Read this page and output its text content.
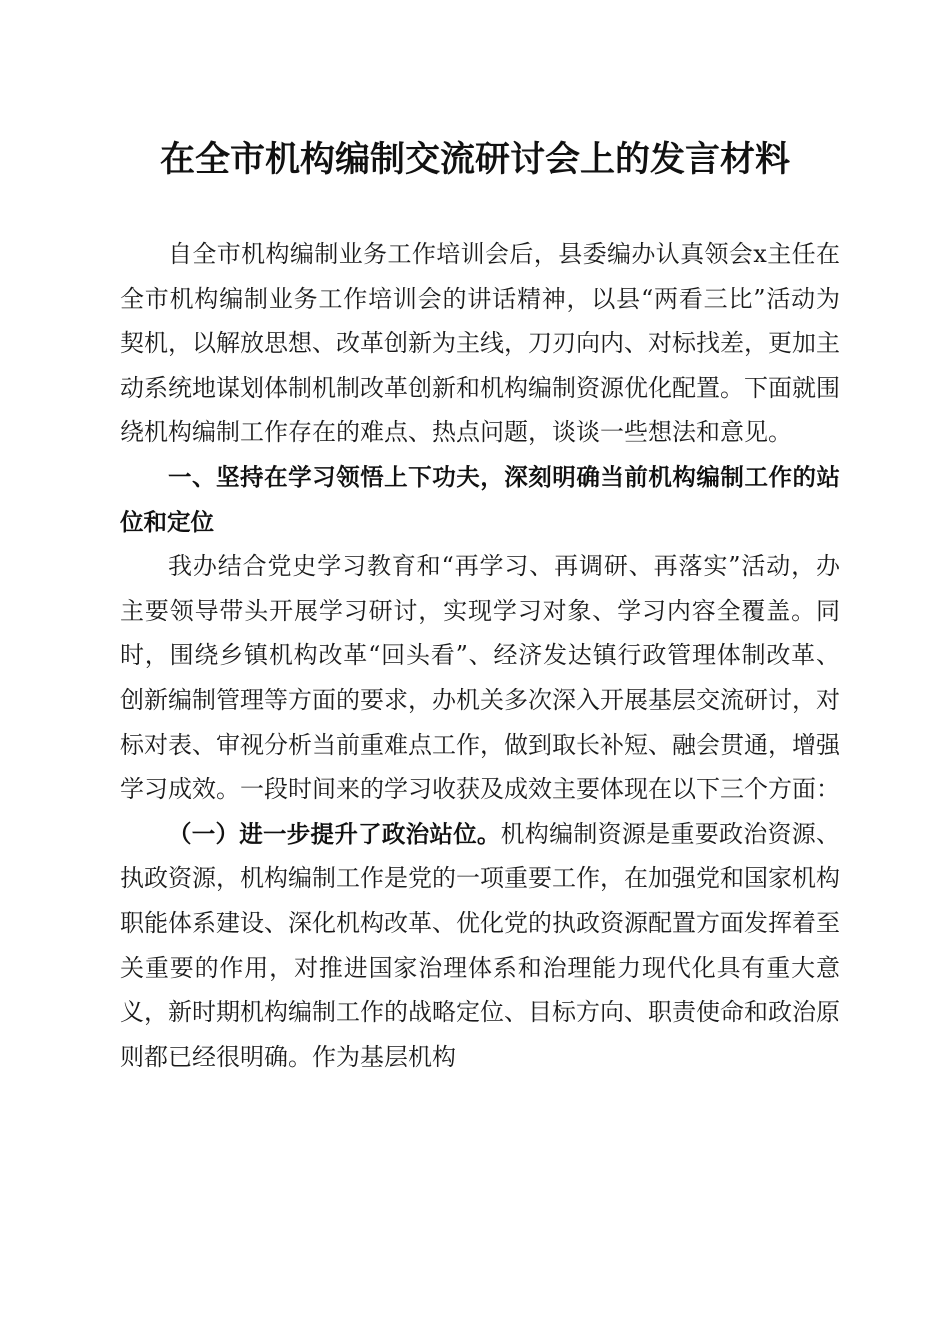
在全市机构编制交流研讨会上的发言材料

自全市机构编制业务工作培训会后，县委编办认真领会x主任在全市机构编制业务工作培训会的讲话精神，以县“两看三比”活动为契机，以解放思想、改革创新为主线，刀刃向内、对标找差，更加主动系统地谋划体制机制改革创新和机构编制资源优化配置。下面就围绕机构编制工作存在的难点、热点问题，谈谈一些想法和意见。

一、坚持在学习领悟上下功夫，深刻明确当前机构编制工作的站位和定位

我办结合党史学习教育和“再学习、再调研、再落实”活动，办主要领导带头开展学习研讨，实现学习对象、学习内容全覆盖。同时，围绕乡镇机构改革“回头看”、经济发达镇行政管理体制改革、创新编制管理等方面的要求，办机关多次深入开展基层交流研讨，对标对表、审视分析当前重难点工作，做到取长补短、融会贯通，增强学习成效。一段时间来的学习收获及成效主要体现在以下三个方面：

（一）进一步提升了政治站位。机构编制资源是重要政治资源、执政资源，机构编制工作是党的一项重要工作，在加强党和国家机构职能体系建设、深化机构改革、优化党的执政资源配置方面发挥着至关重要的作用，对推进国家治理体系和治理能力现代化具有重大意义，新时期机构编制工作的战略定位、目标方向、职责使命和政治原则都已经很明确。作为基层机构
